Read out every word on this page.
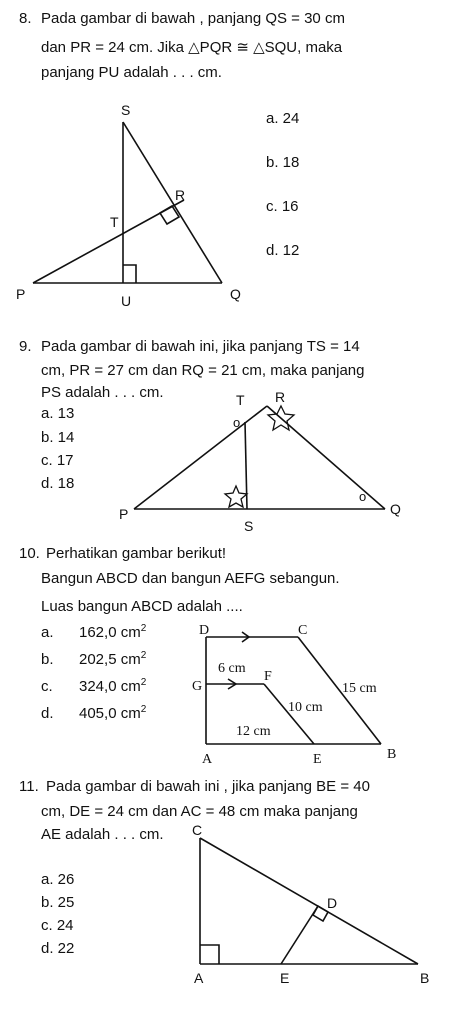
8. Pada gambar di bawah , panjang QS = 30 cm
dan PR = 24 cm. Jika △PQR ≅ △SQU, maka
panjang PU adalah . . . cm.
a. 24
b. 18
c. 16
d. 12
S
R
T
P	U	Q
9. Pada gambar di bawah ini, jika panjang TS = 14
cm, PR = 27 cm dan RQ = 21 cm, maka panjang
PS adalah . . . cm.
a. 13
b. 14
c. 17
d. 18
R
T
o
o
P	Q
S
10. Perhatikan gambar berikut!
Bangun ABCD dan bangun AEFG sebangun.
Luas bangun ABCD adalah ....
a. 162,0 $cm^2$
b. 202,5 $cm^2$
c. 324,0 $cm^2$
d. 405,0 $cm^2$
D	C
G
F
6 cm
15 cm
10 cm
12 cm
A	E	B
11. Pada gambar di bawah ini , jika panjang BE = 40
cm, DE = 24 cm dan AC = 48 cm maka panjang
AE adalah . . . cm.
a. 26
b. 25
c. 24
d. 22
C
D
A	E	B
